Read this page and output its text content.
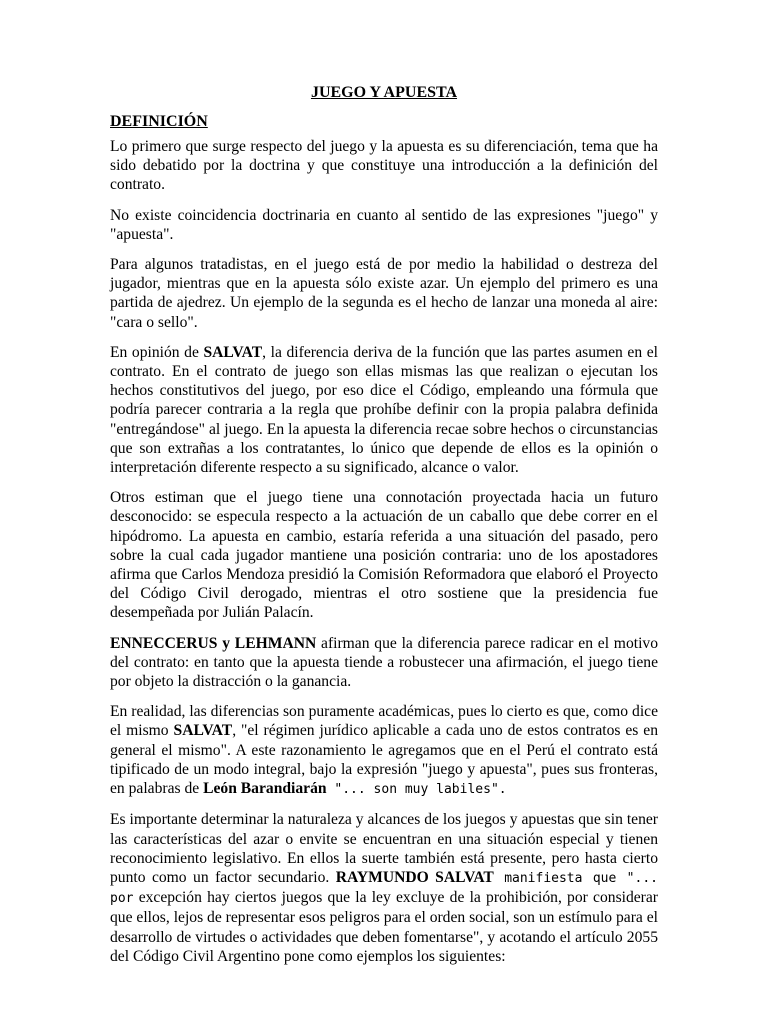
JUEGO Y APUESTA
DEFINICIÓN

Lo primero que surge respecto del juego y la apuesta es su diferenciación, tema que ha sido debatido por la doctrina y que constituye una introducción a la definición del contrato.

No existe coincidencia doctrinaria en cuanto al sentido de las expresiones "juego" y "apuesta".

Para algunos tratadistas, en el juego está de por medio la habilidad o destreza del jugador, mientras que en la apuesta sólo existe azar. Un ejemplo del primero es una partida de ajedrez. Un ejemplo de la segunda es el hecho de lanzar una moneda al aire: "cara o sello".

En opinión de SALVAT, la diferencia deriva de la función que las partes asumen en el contrato. En el contrato de juego son ellas mismas las que realizan o ejecutan los hechos constitutivos del juego, por eso dice el Código, empleando una fórmula que podría parecer contraria a la regla que prohíbe definir con la propia palabra definida "entregándose" al juego. En la apuesta la diferencia recae sobre hechos o circunstancias que son extrañas a los contratantes, lo único que depende de ellos es la opinión o interpretación diferente respecto a su significado, alcance o valor.

Otros estiman que el juego tiene una connotación proyectada hacia un futuro desconocido: se especula respecto a la actuación de un caballo que debe correr en el hipódromo. La apuesta en cambio, estaría referida a una situación del pasado, pero sobre la cual cada jugador mantiene una posición contraria: uno de los apostadores afirma que Carlos Mendoza presidió la Comisión Reformadora que elaboró el Proyecto del Código Civil derogado, mientras el otro sostiene que la presidencia fue desempeñada por Julián Palacín.

ENNECCERUS y LEHMANN afirman que la diferencia parece radicar en el motivo del contrato: en tanto que la apuesta tiende a robustecer una afirmación, el juego tiene por objeto la distracción o la ganancia.

En realidad, las diferencias son puramente académicas, pues lo cierto es que, como dice el mismo SALVAT, "el régimen jurídico aplicable a cada uno de estos contratos es en general el mismo". A este razonamiento le agregamos que en el Perú el contrato está tipificado de un modo integral, bajo la expresión "juego y apuesta", pues sus fronteras, en palabras de León Barandiarán "... son muy labiles".

Es importante determinar la naturaleza y alcances de los juegos y apuestas que sin tener las características del azar o envite se encuentran en una situación especial y tienen reconocimiento legislativo. En ellos la suerte también está presente, pero hasta cierto punto como un factor secundario. RAYMUNDO SALVAT manifiesta que "... por excepción hay ciertos juegos que la ley excluye de la prohibición, por considerar que ellos, lejos de representar esos peligros para el orden social, son un estímulo para el desarrollo de virtudes o actividades que deben fomentarse", y acotando el artículo 2055 del Código Civil Argentino pone como ejemplos los siguientes:
